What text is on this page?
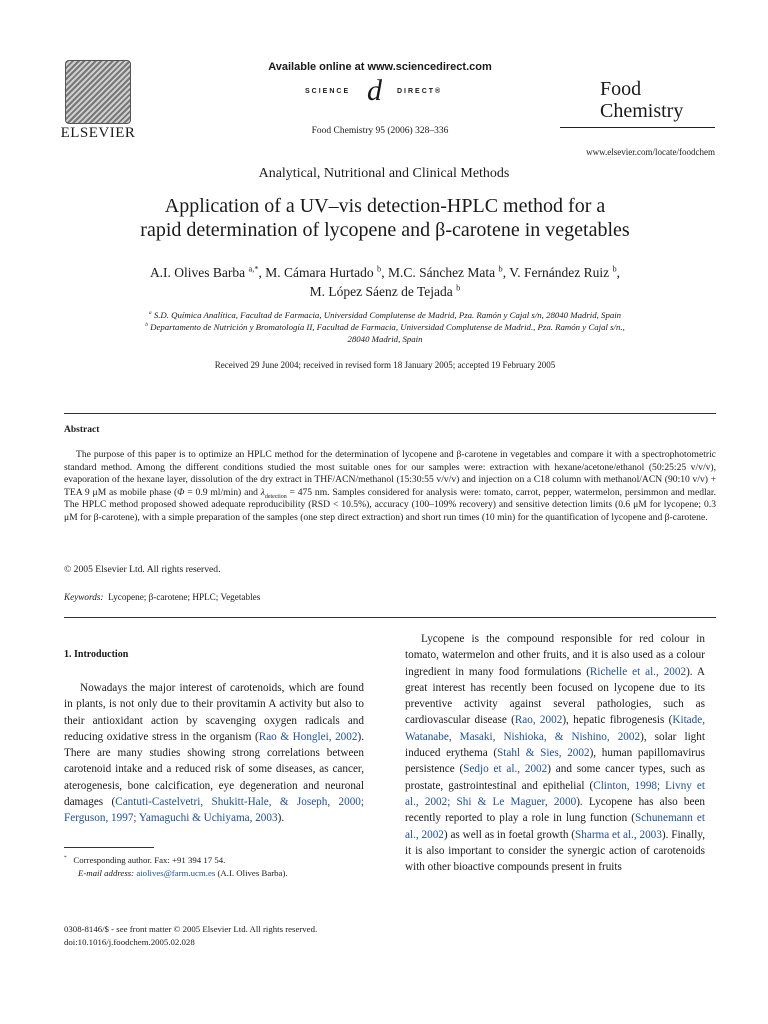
ELSEVIER
Available online at www.sciencedirect.com
SCIENCE d DIRECT®
Food Chemistry 95 (2006) 328–336
Food
Chemistry
www.elsevier.com/locate/foodchem
Analytical, Nutritional and Clinical Methods
Application of a UV–vis detection-HPLC method for a
rapid determination of lycopene and β-carotene in vegetables
A.I. Olives Barba $^{a,*}$, M. Cámara Hurtado $^b$, M.C. Sánchez Mata $^b$, V. Fernández Ruiz $^b$,
M. López Sáenz de Tejada $^b$
$^a$ S.D. Química Analítica, Facultad de Farmacia, Universidad Complutense de Madrid, Pza. Ramón y Cajal s/n, 28040 Madrid, Spain
$^b$ Departamento de Nutrición y Bromatología II, Facultad de Farmacia, Universidad Complutense de Madrid., Pza. Ramón y Cajal s/n.,
28040 Madrid, Spain
Received 29 June 2004; received in revised form 18 January 2005; accepted 19 February 2005
Abstract
The purpose of this paper is to optimize an HPLC method for the determination of lycopene and β-carotene in vegetables and compare it with a spectrophotometric standard method. Among the different conditions studied the most suitable ones for our samples were: extraction with hexane/acetone/ethanol (50:25:25 v/v/v), evaporation of the hexane layer, dissolution of the dry extract in THF/ACN/methanol (15:30:55 v/v/v) and injection on a C18 column with methanol/ACN (90:10 v/v) + TEA 9 μM as mobile phase (Φ = 0.9 ml/min) and $\lambda_{detection} = 475$ nm. Samples considered for analysis were: tomato, carrot, pepper, watermelon, persimmon and medlar. The HPLC method proposed showed adequate reproducibility (RSD < 10.5%), accuracy (100–109% recovery) and sensitive detection limits (0.6 μM for lycopene; 0.3 μM for β-carotene), with a simple preparation of the samples (one step direct extraction) and short run times (10 min) for the quantification of lycopene and β-carotene.
© 2005 Elsevier Ltd. All rights reserved.
Keywords: Lycopene; β-carotene; HPLC; Vegetables
1. Introduction
Nowadays the major interest of carotenoids, which are found in plants, is not only due to their provitamin A activity but also to their antioxidant action by scavenging oxygen radicals and reducing oxidative stress in the organism (Rao & Honglei, 2002). There are many studies showing strong correlations between carotenoid intake and a reduced risk of some diseases, as cancer, aterogenesis, bone calcification, eye degeneration and neuronal damages (Cantuti-Castelvetri, Shukitt-Hale, & Joseph, 2000; Ferguson, 1997; Yamaguchi & Uchiyama, 2003).
Lycopene is the compound responsible for red colour in tomato, watermelon and other fruits, and it is also used as a colour ingredient in many food formulations (Richelle et al., 2002). A great interest has recently been focused on lycopene due to its preventive activity against several pathologies, such as cardiovascular disease (Rao, 2002), hepatic fibrogenesis (Kitade, Watanabe, Masaki, Nishioka, & Nishino, 2002), solar light induced erythema (Stahl & Sies, 2002), human papillomavirus persistence (Sedjo et al., 2002) and some cancer types, such as prostate, gastrointestinal and epithelial (Clinton, 1998; Livny et al., 2002; Shi & Le Maguer, 2000). Lycopene has also been recently reported to play a role in lung function (Schunemann et al., 2002) as well as in foetal growth (Sharma et al., 2003). Finally, it is also important to consider the synergic action of carotenoids with other bioactive compounds present in fruits
* Corresponding author. Fax: +91 394 17 54.
E-mail address: aiolives@farm.ucm.es (A.I. Olives Barba).
0308-8146/$ - see front matter © 2005 Elsevier Ltd. All rights reserved.
doi:10.1016/j.foodchem.2005.02.028
